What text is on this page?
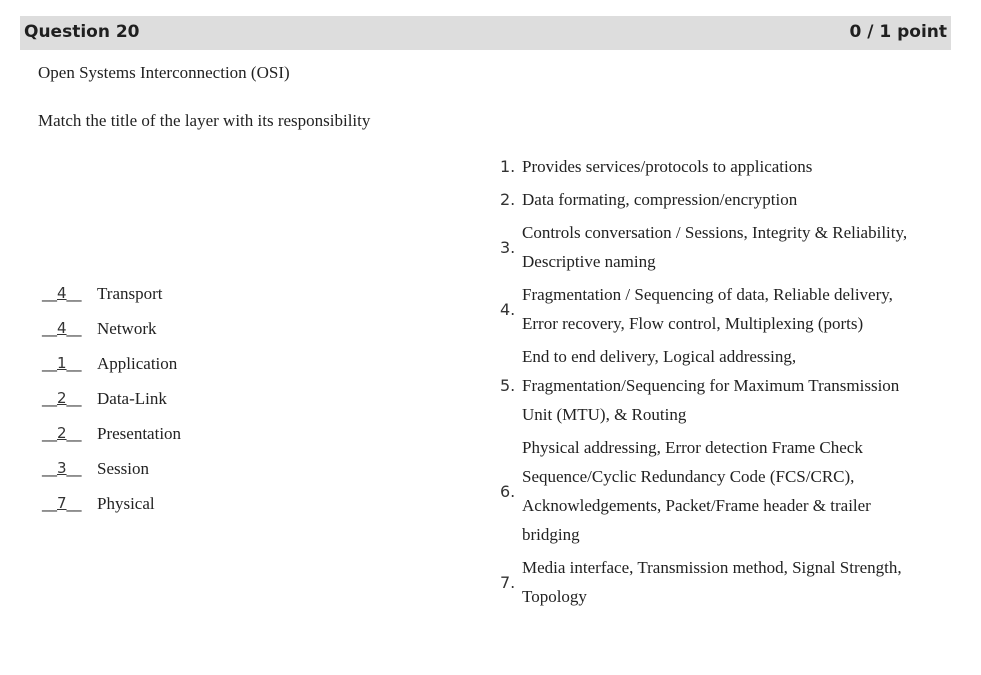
Question 20	0 / 1 point
Open Systems Interconnection (OSI)
Match the title of the layer with its responsibility
__4__ Transport
__4__ Network
__1__ Application
__2__ Data-Link
__2__ Presentation
__3__ Session
__7__ Physical
1. Provides services/protocols to applications
2. Data formating, compression/encryption
3.
Controls conversation / Sessions, Integrity & Reliability, Descriptive naming
4.
Fragmentation / Sequencing of data, Reliable delivery, Error recovery, Flow control, Multiplexing (ports)
5.
End to end delivery, Logical addressing, Fragmentation/Sequencing for Maximum Transmission Unit (MTU), & Routing
6.
Physical addressing, Error detection Frame Check Sequence/Cyclic Redundancy Code (FCS/CRC), Acknowledgements, Packet/Frame header & trailer bridging
7.
Media interface, Transmission method, Signal Strength, Topology
